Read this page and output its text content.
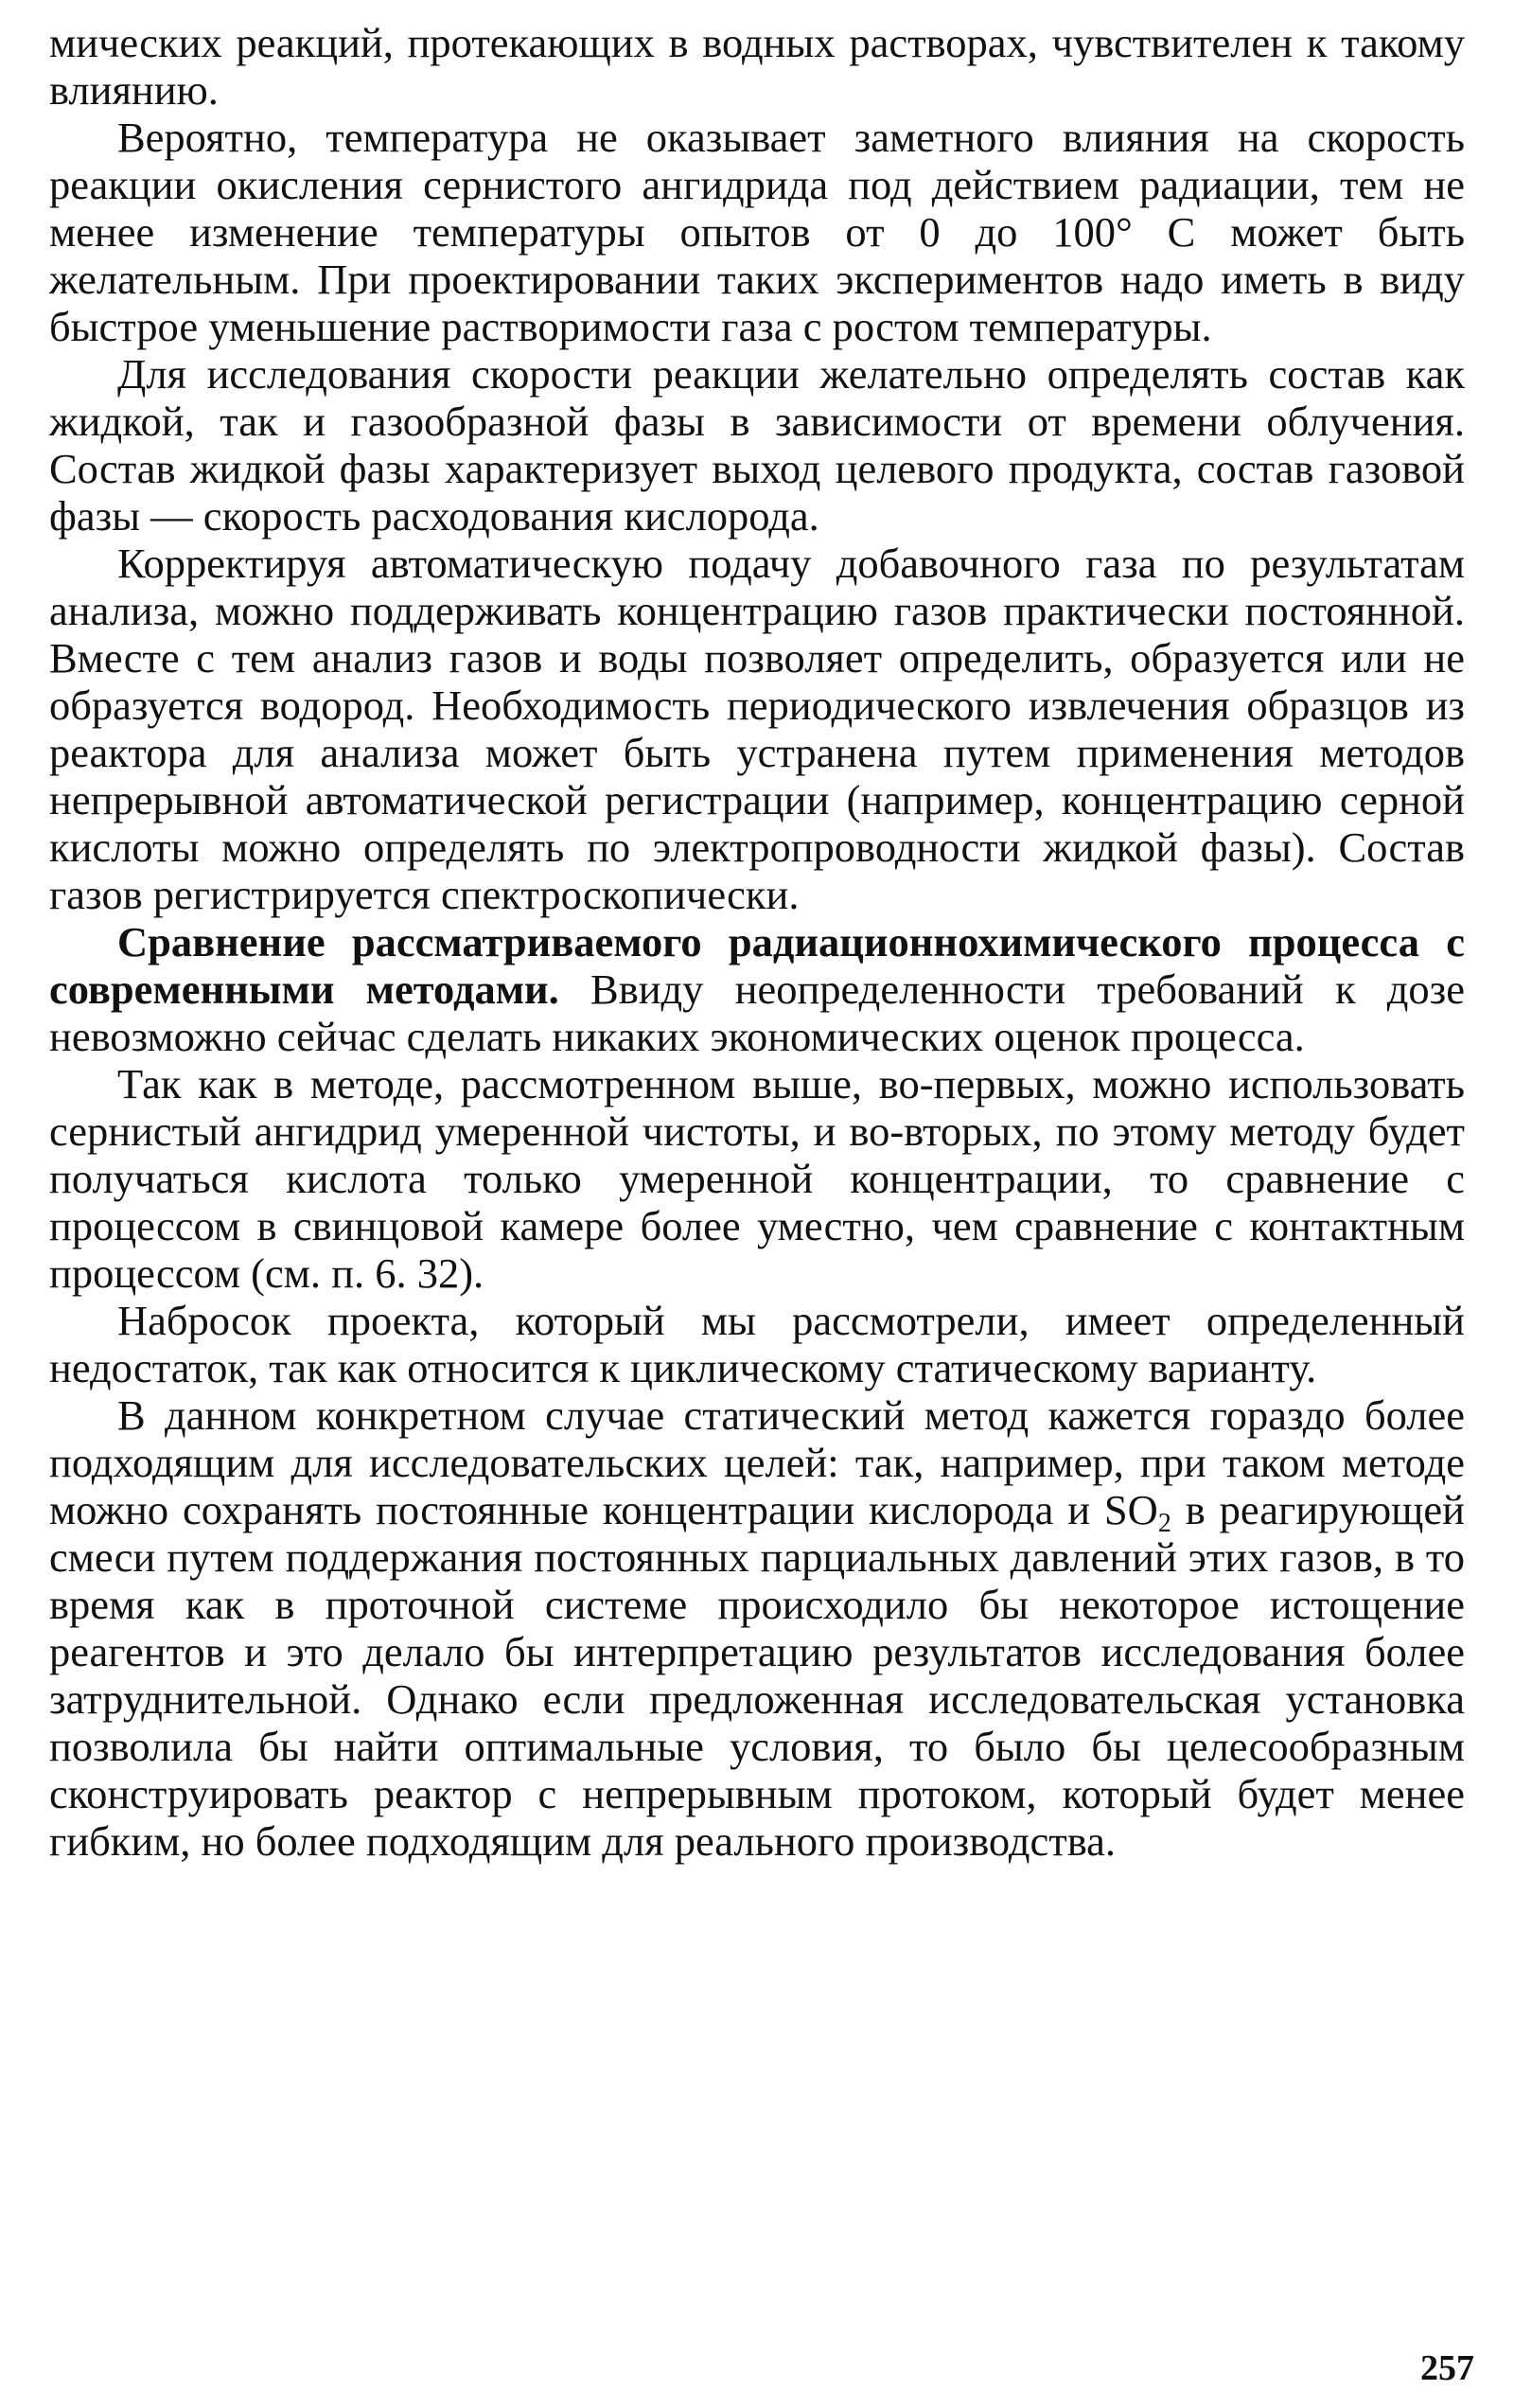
мических реакций, протекающих в водных растворах, чувствителен к такому влиянию.

Вероятно, температура не оказывает заметного влияния на скорость реакции окисления сернистого ангидрида под действием радиации, тем не менее изменение температуры опытов от 0 до 100° С может быть желательным. При проектировании таких экспериментов надо иметь в виду быстрое уменьшение растворимости газа с ростом температуры.

Для исследования скорости реакции желательно определять состав как жидкой, так и газообразной фазы в зависимости от времени облучения. Состав жидкой фазы характеризует выход целевого продукта, состав газовой фазы — скорость расходования кислорода.

Корректируя автоматическую подачу добавочного газа по результатам анализа, можно поддерживать концентрацию газов практически постоянной. Вместе с тем анализ газов и воды позволяет определить, образуется или не образуется водород. Необходимость периодического извлечения образцов из реактора для анализа может быть устранена путем применения методов непрерывной автоматической регистрации (например, концентрацию серной кислоты можно определять по электропроводности жидкой фазы). Состав газов регистрируется спектроскопически.

Сравнение рассматриваемого радиационнохимического процесса с современными методами. Ввиду неопределенности требований к дозе невозможно сейчас сделать никаких экономических оценок процесса.

Так как в методе, рассмотренном выше, во-первых, можно использовать сернистый ангидрид умеренной чистоты, и во-вторых, по этому методу будет получаться кислота только умеренной концентрации, то сравнение с процессом в свинцовой камере более уместно, чем сравнение с контактным процессом (см. п. 6. 32).

Набросок проекта, который мы рассмотрели, имеет определенный недостаток, так как относится к циклическому статическому варианту.

В данном конкретном случае статический метод кажется гораздо более подходящим для исследовательских целей: так, например, при таком методе можно сохранять постоянные концентрации кислорода и $SO_2$ в реагирующей смеси путем поддержания постоянных парциальных давлений этих газов, в то время как в проточной системе происходило бы некоторое истощение реагентов и это делало бы интерпретацию результатов исследования более затруднительной. Однако если предложенная исследовательская установка позволила бы найти оптимальные условия, то было бы целесообразным сконструировать реактор с непрерывным протоком, который будет менее гибким, но более подходящим для реального производства.

257
